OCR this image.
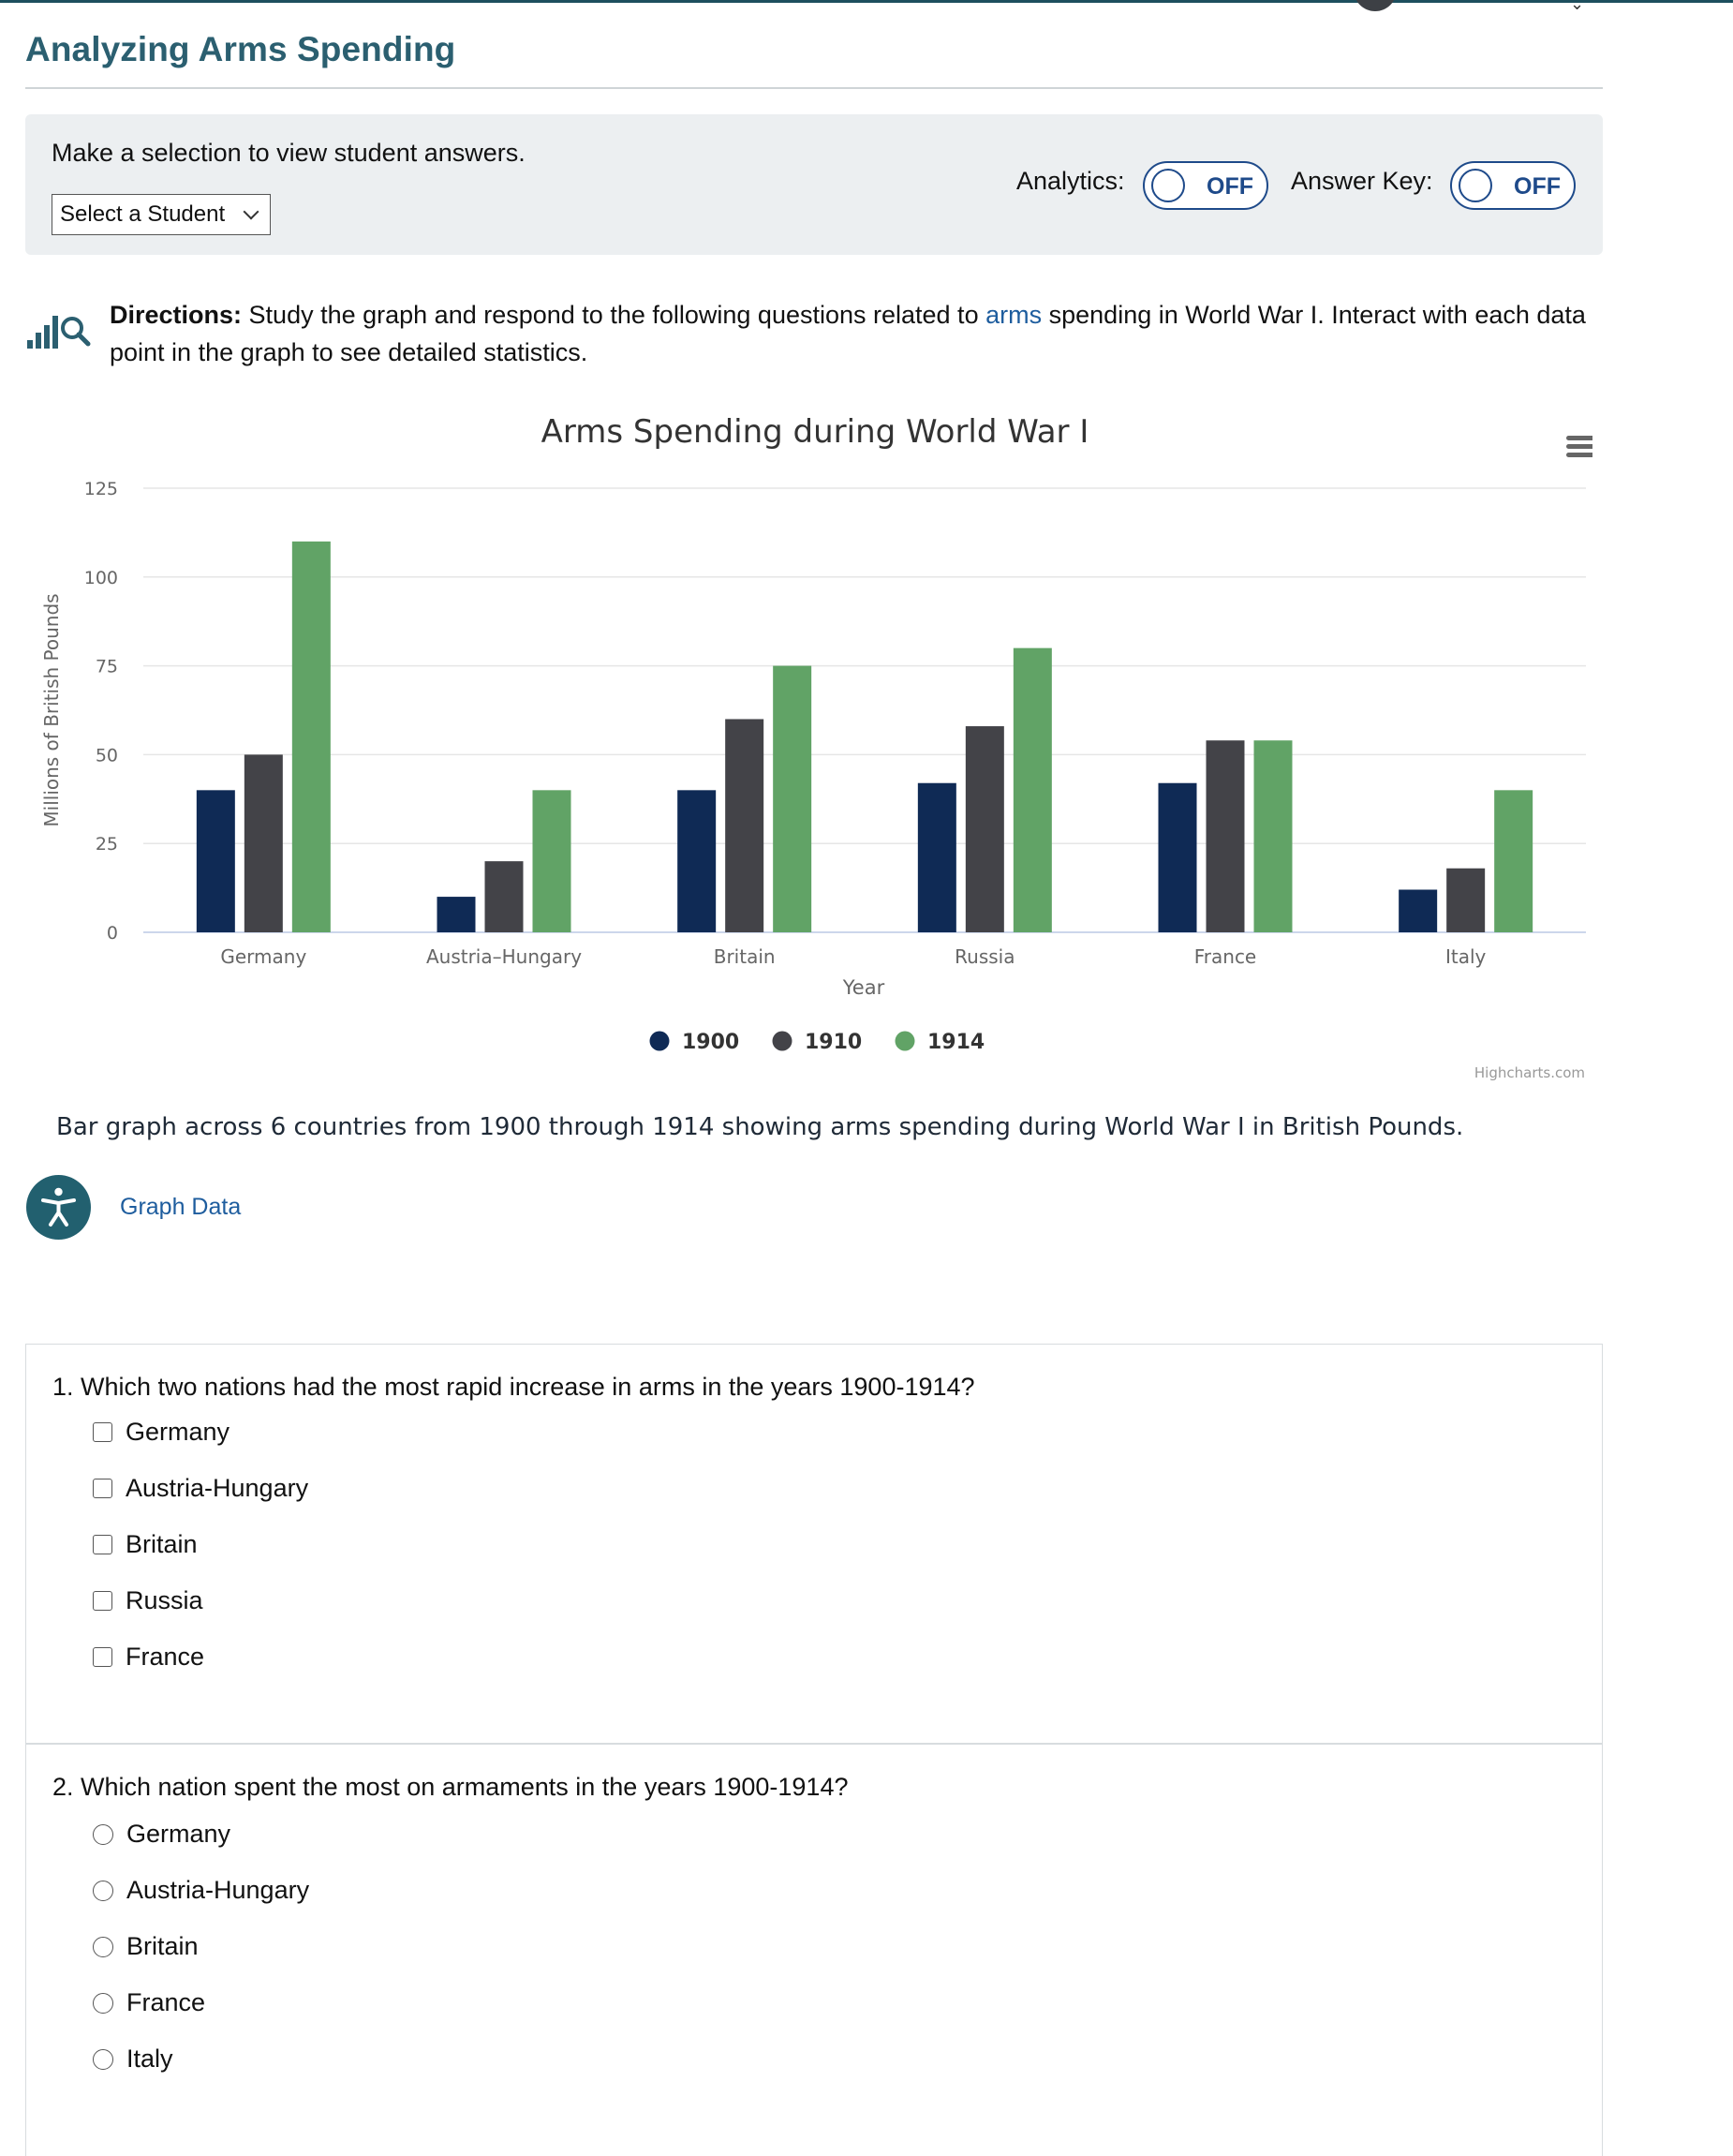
⌄
Analyzing Arms Spending
Make a selection to view student answers.
Select a Student
Analytics:	OFF Answer Key:	OFF

Directions: Study the graph and respond to the following questions related to arms spending in World War I. Interact with each data point in the graph to see detailed statistics.

Arms Spending during World War I
Germany	Austria–Hungary	Britain	Russia	France	Italy
0
25
50
75
100
125
Millions of British Pounds
Year
1900	1910	1914
Highcharts.com
Bar graph across 6 countries from 1900 through 1914 showing arms spending during World War I in British Pounds.
Graph Data
1. Which two nations had the most rapid increase in arms in the years 1900-1914?
Germany
Austria-Hungary
Britain
Russia
France
2. Which nation spent the most on armaments in the years 1900-1914?
Germany
Austria-Hungary
Britain
France
Italy
